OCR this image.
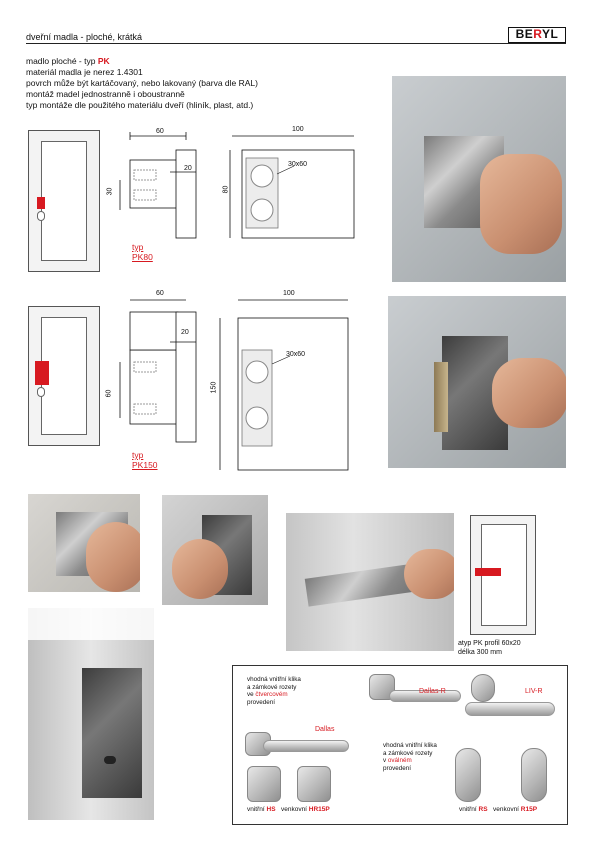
dveřní madla - ploché, krátká	BERYL
madlo ploché - typ PK
materiál madla je nerez 1.4301
povrch může být kartáčovaný, nebo lakovaný (barva dle RAL)
montáž madel jednostranně i oboustranně
typ montáže dle použitého materiálu dveří (hliník, plast, atd.)
60
20
30
100
80
30x60
typ
PK80
60
20
60
100
150
30x60
typ
PK150
atyp PK profil 60x20
délka 300 mm
vhodná vnitřní klika
a zámkové rozety
ve čtvercovém
provedení
Dallas-R	LIV-R
Dallas
vhodná vnitřní klika
a zámkové rozety
v oválném
provedení
vnitřní HS venkovní HR15P	vnitřní RS venkovní R15P
